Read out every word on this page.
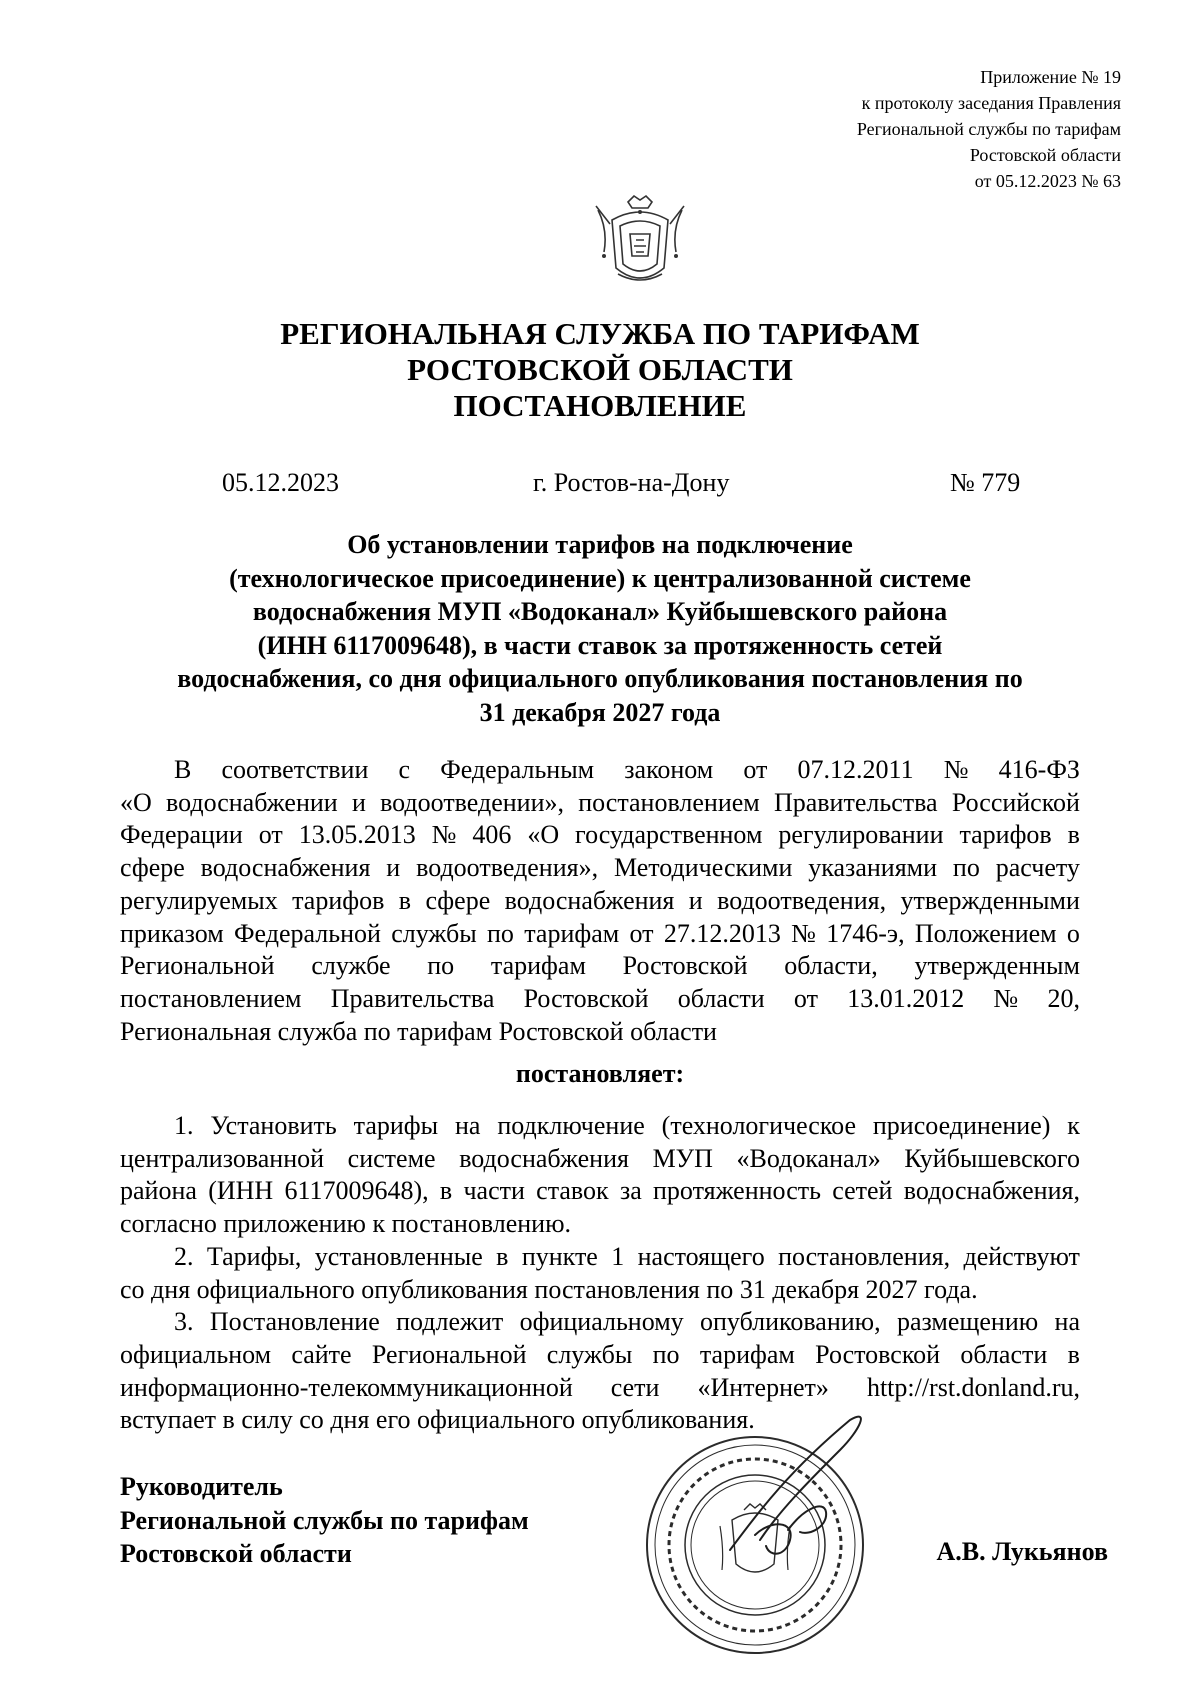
Приложение № 19
к протоколу заседания Правления
Региональной службы по тарифам
Ростовской области
от 05.12.2023 № 63
РЕГИОНАЛЬНАЯ СЛУЖБА ПО ТАРИФАМ
РОСТОВСКОЙ ОБЛАСТИ
ПОСТАНОВЛЕНИЕ
05.12.2023	г. Ростов-на-Дону	№ 779
Об установлении тарифов на подключение
(технологическое присоединение) к централизованной системе
водоснабжения МУП «Водоканал» Куйбышевского района
(ИНН 6117009648), в части ставок за протяженность сетей
водоснабжения, со дня официального опубликования постановления по
31 декабря 2027 года
В соответствии с Федеральным законом от 07.12.2011 № 416-ФЗ
«О водоснабжении и водоотведении», постановлением Правительства Российской
Федерации от 13.05.2013 № 406 «О государственном регулировании тарифов в
сфере водоснабжения и водоотведения», Методическими указаниями по расчету
регулируемых тарифов в сфере водоснабжения и водоотведения, утвержденными
приказом Федеральной службы по тарифам от 27.12.2013 № 1746-э, Положением о
Региональной службе по тарифам Ростовской области, утвержденным
постановлением Правительства Ростовской области от 13.01.2012 № 20,
Региональная служба по тарифам Ростовской области
постановляет:
1. Установить тарифы на подключение (технологическое присоединение) к
централизованной системе водоснабжения МУП «Водоканал» Куйбышевского
района (ИНН 6117009648), в части ставок за протяженность сетей водоснабжения,
согласно приложению к постановлению.
2. Тарифы, установленные в пункте 1 настоящего постановления, действуют
со дня официального опубликования постановления по 31 декабря 2027 года.
3. Постановление подлежит официальному опубликованию, размещению на
официальном сайте Региональной службы по тарифам Ростовской области в
информационно-телекоммуникационной сети «Интернет» http://rst.donland.ru,
вступает в силу со дня его официального опубликования.
Руководитель
Региональной службы по тарифам
Ростовской области	А.В. Лукьянов
